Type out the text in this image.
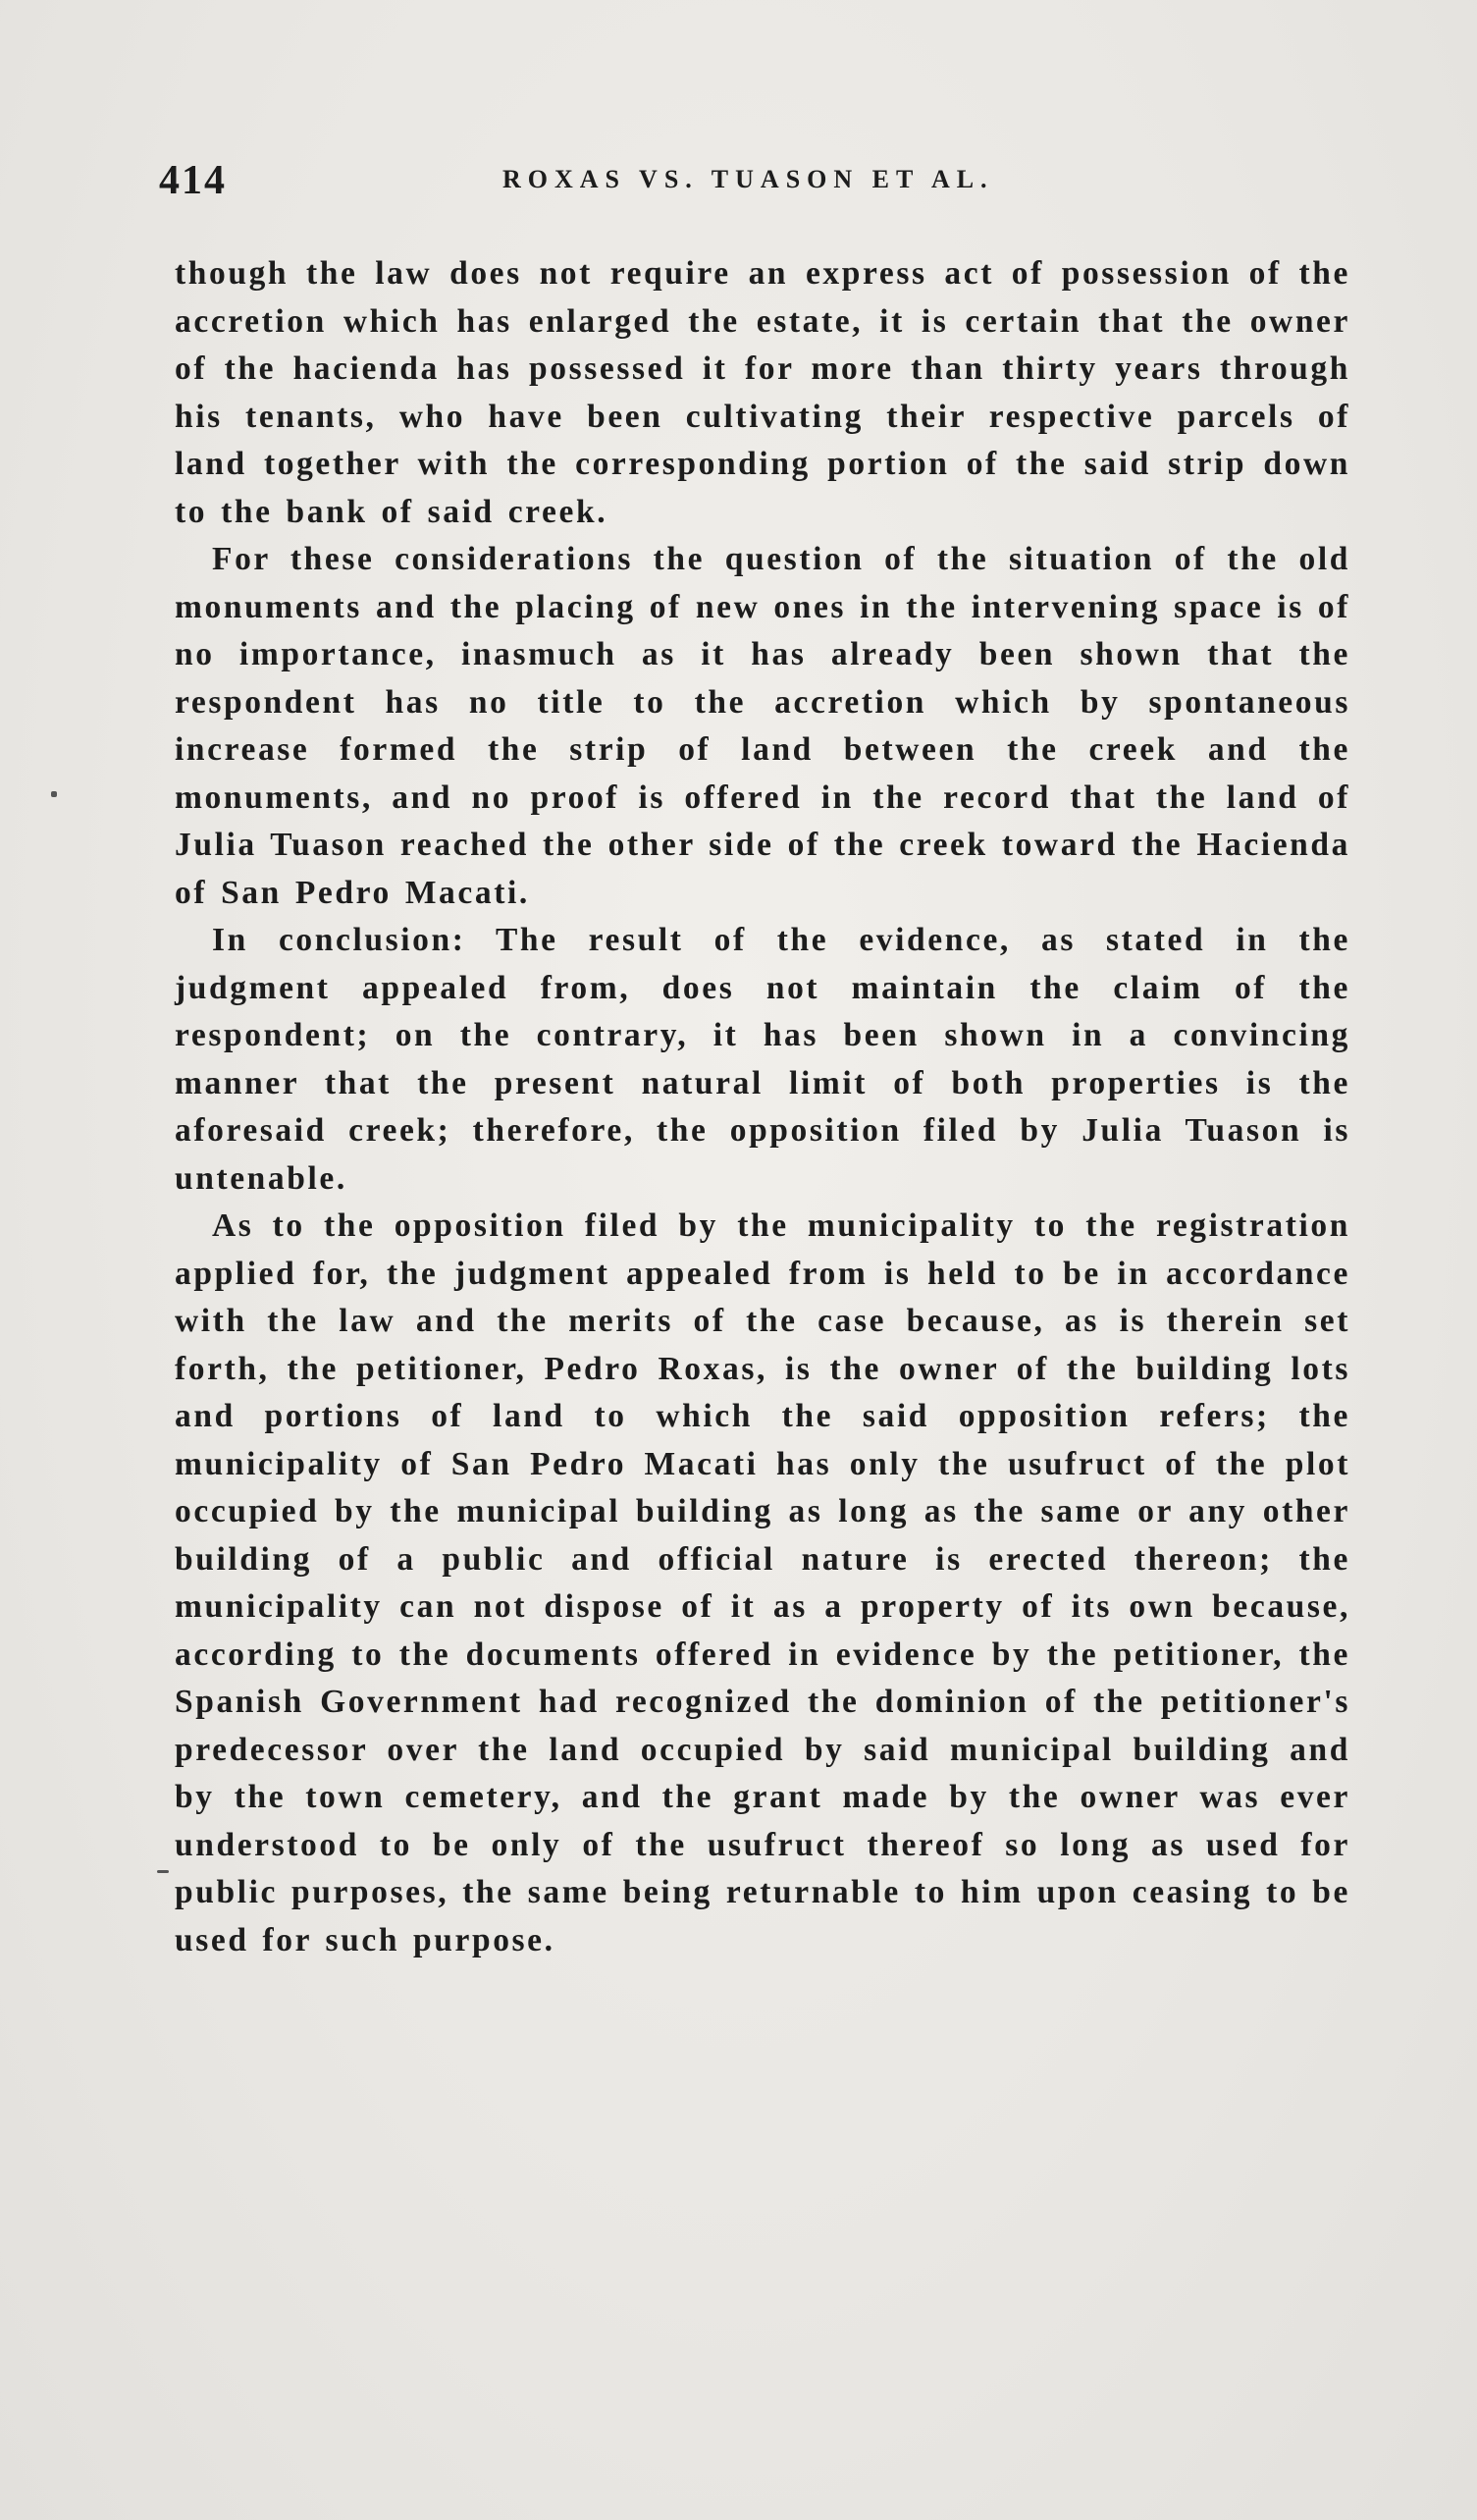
414	ROXAS VS. TUASON ET AL.

though the law does not require an express act of possession of the accretion which has enlarged the estate, it is certain that the owner of the hacienda has possessed it for more than thirty years through his tenants, who have been cultivating their respective parcels of land together with the corresponding portion of the said strip down to the bank of said creek.

For these considerations the question of the situation of the old monuments and the placing of new ones in the intervening space is of no importance, inasmuch as it has already been shown that the respondent has no title to the accretion which by spontaneous increase formed the strip of land between the creek and the monuments, and no proof is offered in the record that the land of Julia Tuason reached the other side of the creek toward the Hacienda of San Pedro Macati.

In conclusion: The result of the evidence, as stated in the judgment appealed from, does not maintain the claim of the respondent; on the contrary, it has been shown in a convincing manner that the present natural limit of both properties is the aforesaid creek; therefore, the opposition filed by Julia Tuason is untenable.

As to the opposition filed by the municipality to the registration applied for, the judgment appealed from is held to be in accordance with the law and the merits of the case because, as is therein set forth, the petitioner, Pedro Roxas, is the owner of the building lots and portions of land to which the said opposition refers; the municipality of San Pedro Macati has only the usufruct of the plot occupied by the municipal building as long as the same or any other building of a public and official nature is erected thereon; the municipality can not dispose of it as a property of its own because, according to the documents offered in evidence by the petitioner, the Spanish Government had recognized the dominion of the petitioner's predecessor over the land occupied by said municipal building and by the town cemetery, and the grant made by the owner was ever understood to be only of the usufruct thereof so long as used for public purposes, the same being returnable to him upon ceasing to be used for such purpose.
